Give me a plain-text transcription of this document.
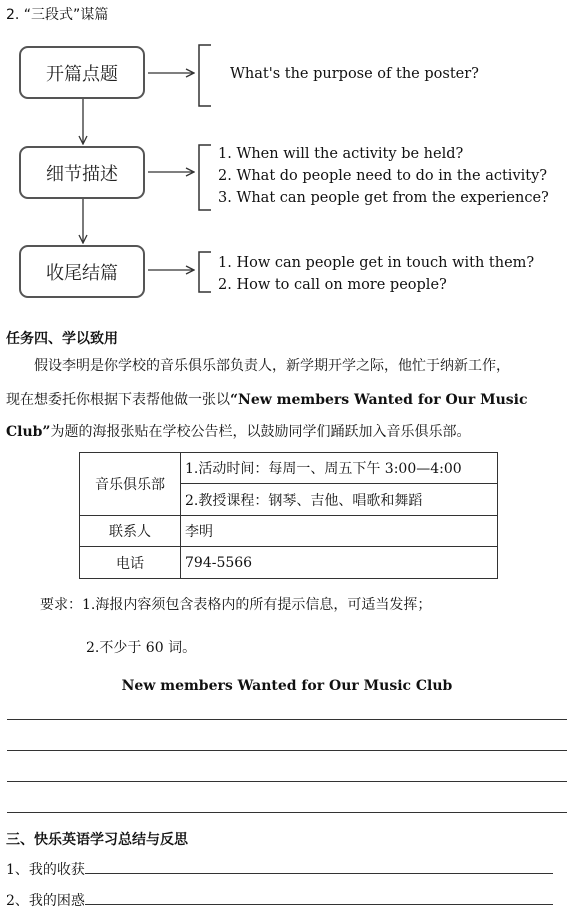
2. “三段式”谋篇
开篇点题
细节描述
收尾结篇
What's the purpose of the poster?
1. When will the activity be held?
2. What do people need to do in the activity?
3. What can people get from the experience?
1. How can people get in touch with them?
2. How to call on more people?
任务四、学以致用
假设李明是你学校的音乐俱乐部负责人，新学期开学之际，他忙于纳新工作，
现在想委托你根据下表帮他做一张以“New members Wanted for Our Music
Club”为题的海报张贴在学校公告栏，以鼓励同学们踊跃加入音乐俱乐部。
音乐俱乐部	1.活动时间：每周一、周五下午 3:00—4:00
	2.教授课程：钢琴、吉他、唱歌和舞蹈
联系人	李明
电话	794-5566
要求：1.海报内容须包含表格内的所有提示信息，可适当发挥；
2.不少于 60 词。
New members Wanted for Our Music Club
三、快乐英语学习总结与反思
1、我的收获
2、我的困惑
